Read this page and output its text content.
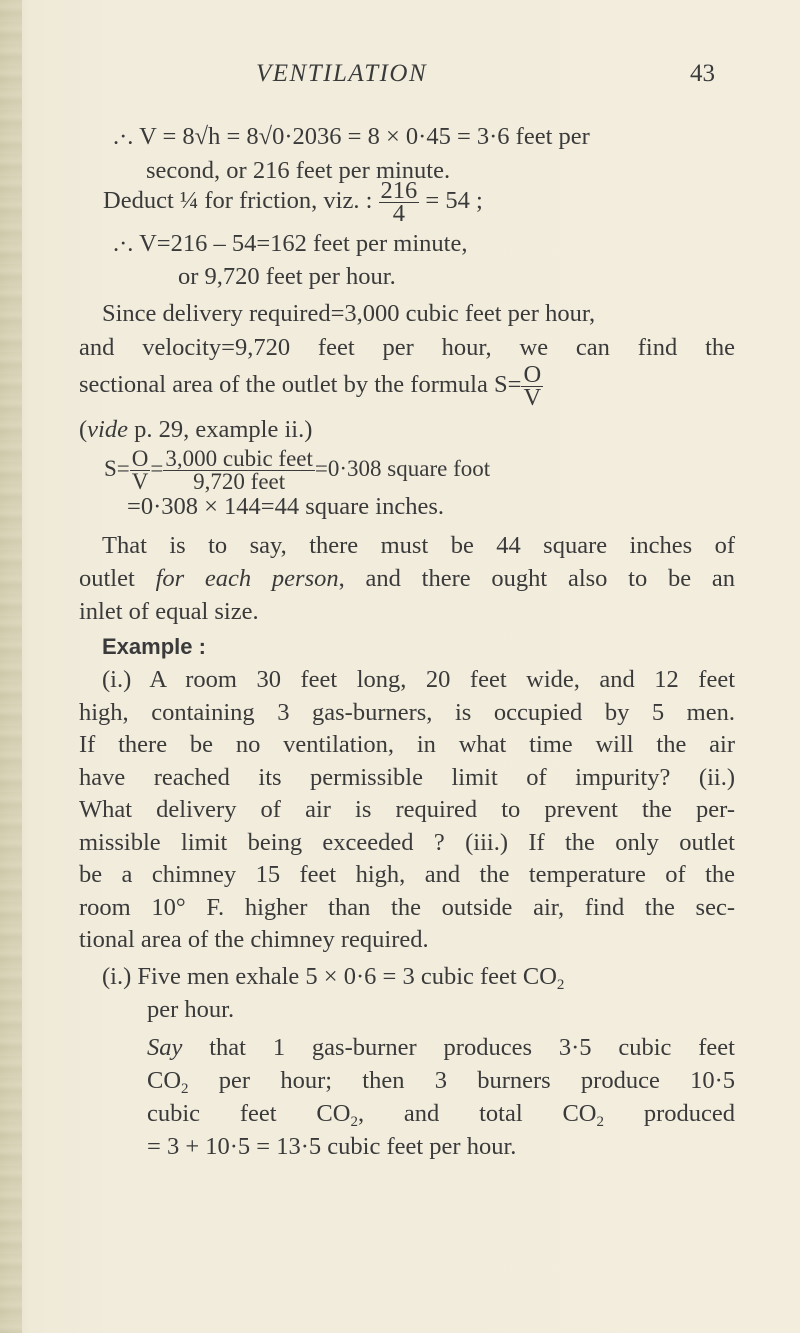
VENTILATION	43
.·. V = 8√h = 8√0·2036 = 8 × 0·45 = 3·6 feet per
second, or 216 feet per minute.
Deduct ¼ for friction, viz. : $\frac{216}{4} = 54$ ;
.·. V=216 – 54=162 feet per minute,
or 9,720 feet per hour.
Since delivery required=3,000 cubic feet per hour,
and velocity=9,720 feet per hour, we can find the
sectional area of the outlet by the formula $S= \frac{O}{V}$
(vide p. 29, example ii.)
$S= \frac{O}{V} = \frac{\text{3,000 cubic feet}}{\text{9,720 feet}} =0\cdot 308$ square foot
=0·308 × 144=44 square inches.
That is to say, there must be 44 square inches of
outlet for each person, and there ought also to be an
inlet of equal size.
Example :
(i.) A room 30 feet long, 20 feet wide, and 12 feet
high, containing 3 gas-burners, is occupied by 5 men.
If there be no ventilation, in what time will the air
have reached its permissible limit of impurity? (ii.)
What delivery of air is required to prevent the per-
missible limit being exceeded ? (iii.) If the only outlet
be a chimney 15 feet high, and the temperature of the
room 10° F. higher than the outside air, find the sec-
tional area of the chimney required.
(i.) Five men exhale 5 × 0·6 = 3 cubic feet $CO_2$
per hour.
Say that 1 gas-burner produces 3·5 cubic feet
$CO_2$ per hour; then 3 burners produce 10·5
cubic feet $CO_2$, and total $CO_2$ produced
= 3 + 10·5 = 13·5 cubic feet per hour.
